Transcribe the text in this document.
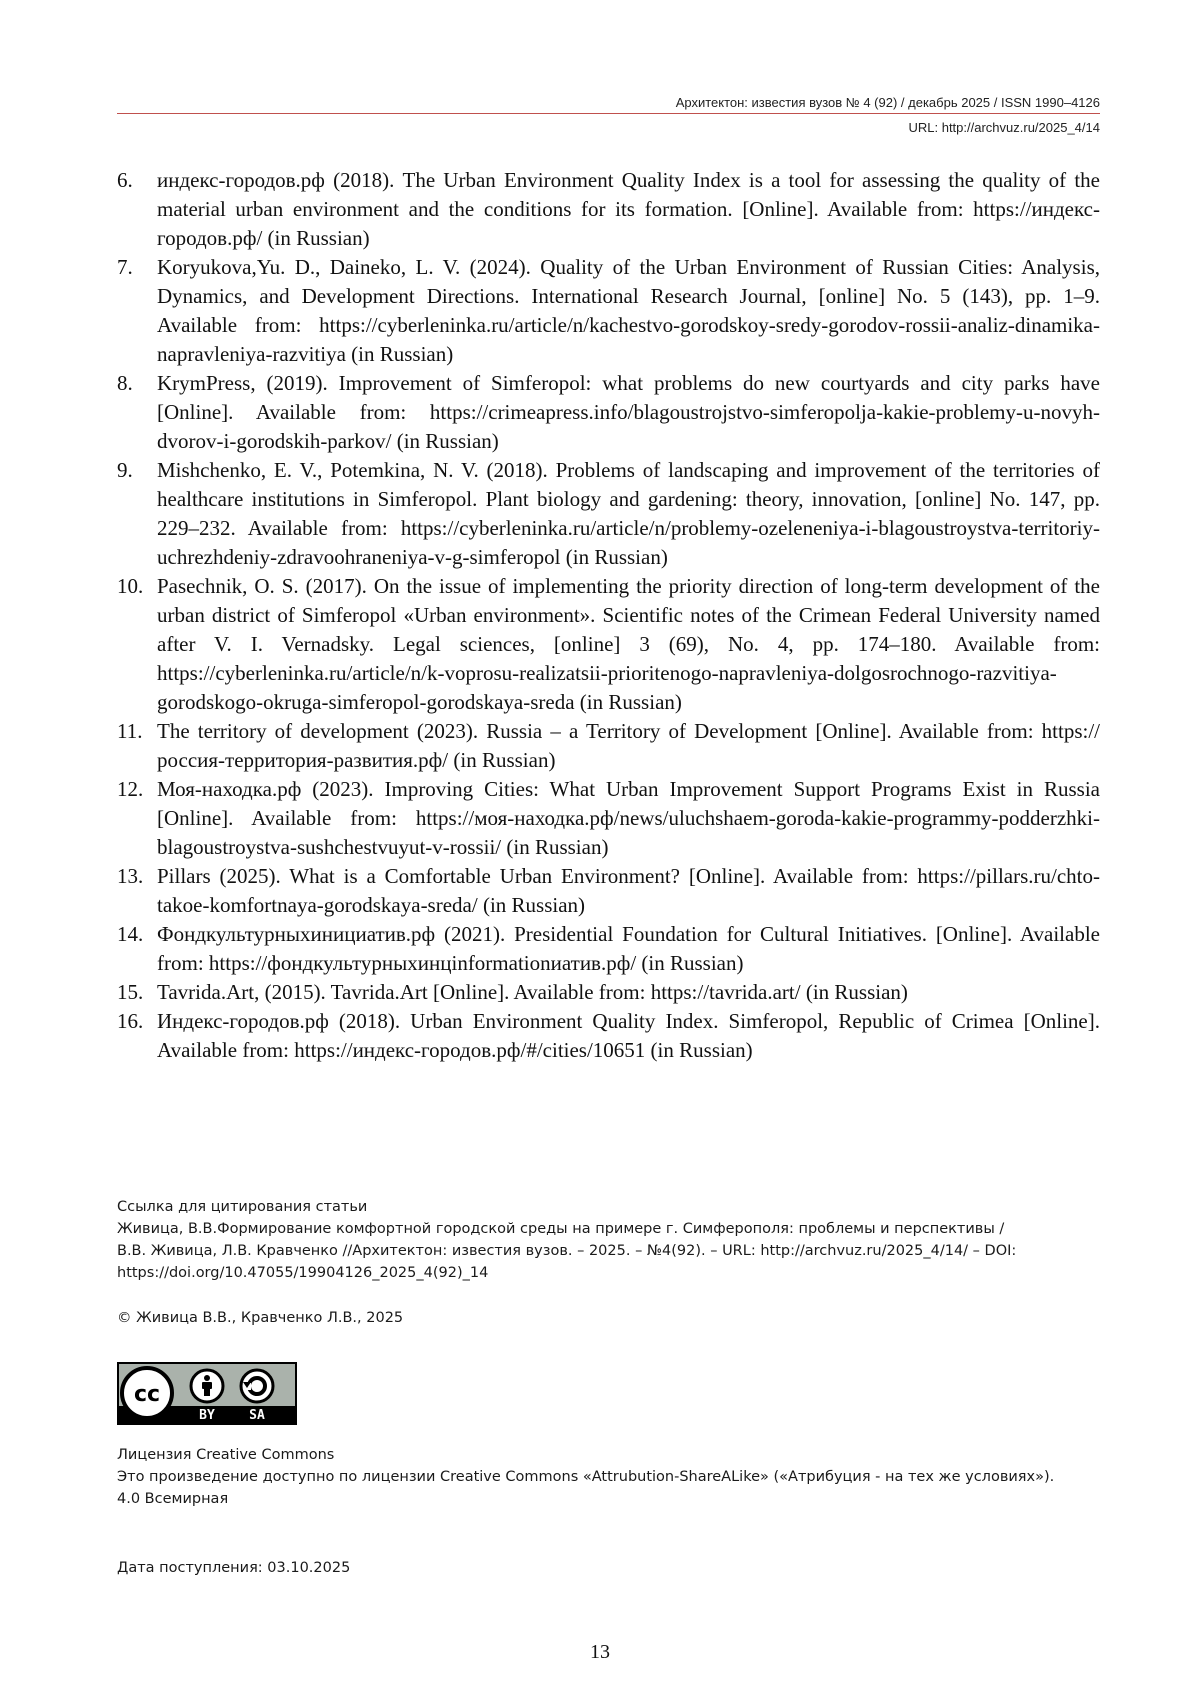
Архитектон: известия вузов № 4 (92) / декабрь 2025 / ISSN 1990–4126
URL: http://archvuz.ru/2025_4/14
6.	индекс-городов.рф (2018). The Urban Environment Quality Index is a tool for assessing the quality of the material urban environment and the conditions for its formation. [Online]. Available from: https://индекс-городов.рф/ (in Russian)
7.	Koryukova,Yu. D., Daineko, L. V. (2024). Quality of the Urban Environment of Russian Cities: Analysis, Dynamics, and Development Directions. International Research Journal, [online] No. 5 (143), pp. 1–9. Available from: https://cyberleninka.ru/article/n/kachestvo-gorodskoy-sredy-gorodov-rossii-analiz-dinamika-napravleniya-razvitiya (in Russian)
8.	KrymPress, (2019). Improvement of Simferopol: what problems do new courtyards and city parks have [Online]. Available from: https://crimeapress.info/blagoustrojstvo-simferopolja-kakie-problemy-u-novyh-dvorov-i-gorodskih-parkov/ (in Russian)
9.	Mishchenko, E. V., Potemkina, N. V. (2018). Problems of landscaping and improvement of the territories of healthcare institutions in Simferopol. Plant biology and gardening: theory, innovation, [online] No. 147, pp. 229–232. Available from: https://cyberleninka.ru/article/n/problemy-ozeleneniya-i-blagoustroystva-territoriy-uchrezhdeniy-zdravoohraneniya-v-g-simferopol (in Russian)
10. Pasechnik, O. S. (2017). On the issue of implementing the priority direction of long-term development of the urban district of Simferopol «Urban environment». Scientific notes of the Crimean Federal University named after V. I. Vernadsky. Legal sciences, [online] 3 (69), No. 4, pp. 174–180. Available from: https://cyberleninka.ru/article/n/k-voprosu-realizatsii-prioritenogo-napravleniya-dolgosrochnogo-razvitiya-gorodskogo-okruga-simferopol-gorodskaya-sreda (in Russian)
11. The territory of development (2023). Russia – a Territory of Development [Online]. Available from: https://россия-территория-развития.рф/ (in Russian)
12. Моя-находка.рф (2023). Improving Cities: What Urban Improvement Support Programs Exist in Russia [Online]. Available from: https://моя-находка.рф/news/uluchshaem-goroda-kakie-programmy-podderzhki-blagoustroystva-sushchestvuyut-v-rossii/ (in Russian)
13. Pillars (2025). What is a Comfortable Urban Environment? [Online]. Available from: https://pillars.ru/chto-takoe-komfortnaya-gorodskaya-sreda/ (in Russian)
14. Фондкультурныхинициатив.рф (2021). Presidential Foundation for Cultural Initiatives. [Online]. Available from: https://фондкультурныхинцinformationиатив.рф/ (in Russian)
15. Tavrida.Art, (2015). Tavrida.Art [Online]. Available from: https://tavrida.art/ (in Russian)
16. Индекс-городов.рф (2018). Urban Environment Quality Index. Simferopol, Republic of Crimea [Online]. Available from: https://индекс-городов.рф/#/cities/10651 (in Russian)

Ссылка для цитирования статьи

Живица, В.В.Формирование комфортной городской среды на примере г. Симферополя: проблемы и перспективы /

В.В. Живица, Л.В. Кравченко //Архитектон: известия вузов. – 2025. – №4(92). – URL: http://archvuz.ru/2025_4/14/ – DOI:

https://doi.org/10.47055/19904126_2025_4(92)_14

© Живица В.В., Кравченко Л.В., 2025

cc
BY	SA

Лицензия Creative Commons

Это произведение доступно по лицензии Creative Commons «Attrubution-ShareALike» («Атрибуция - на тех же условиях»).

4.0 Всемирная

Дата поступления: 03.10.2025
13
